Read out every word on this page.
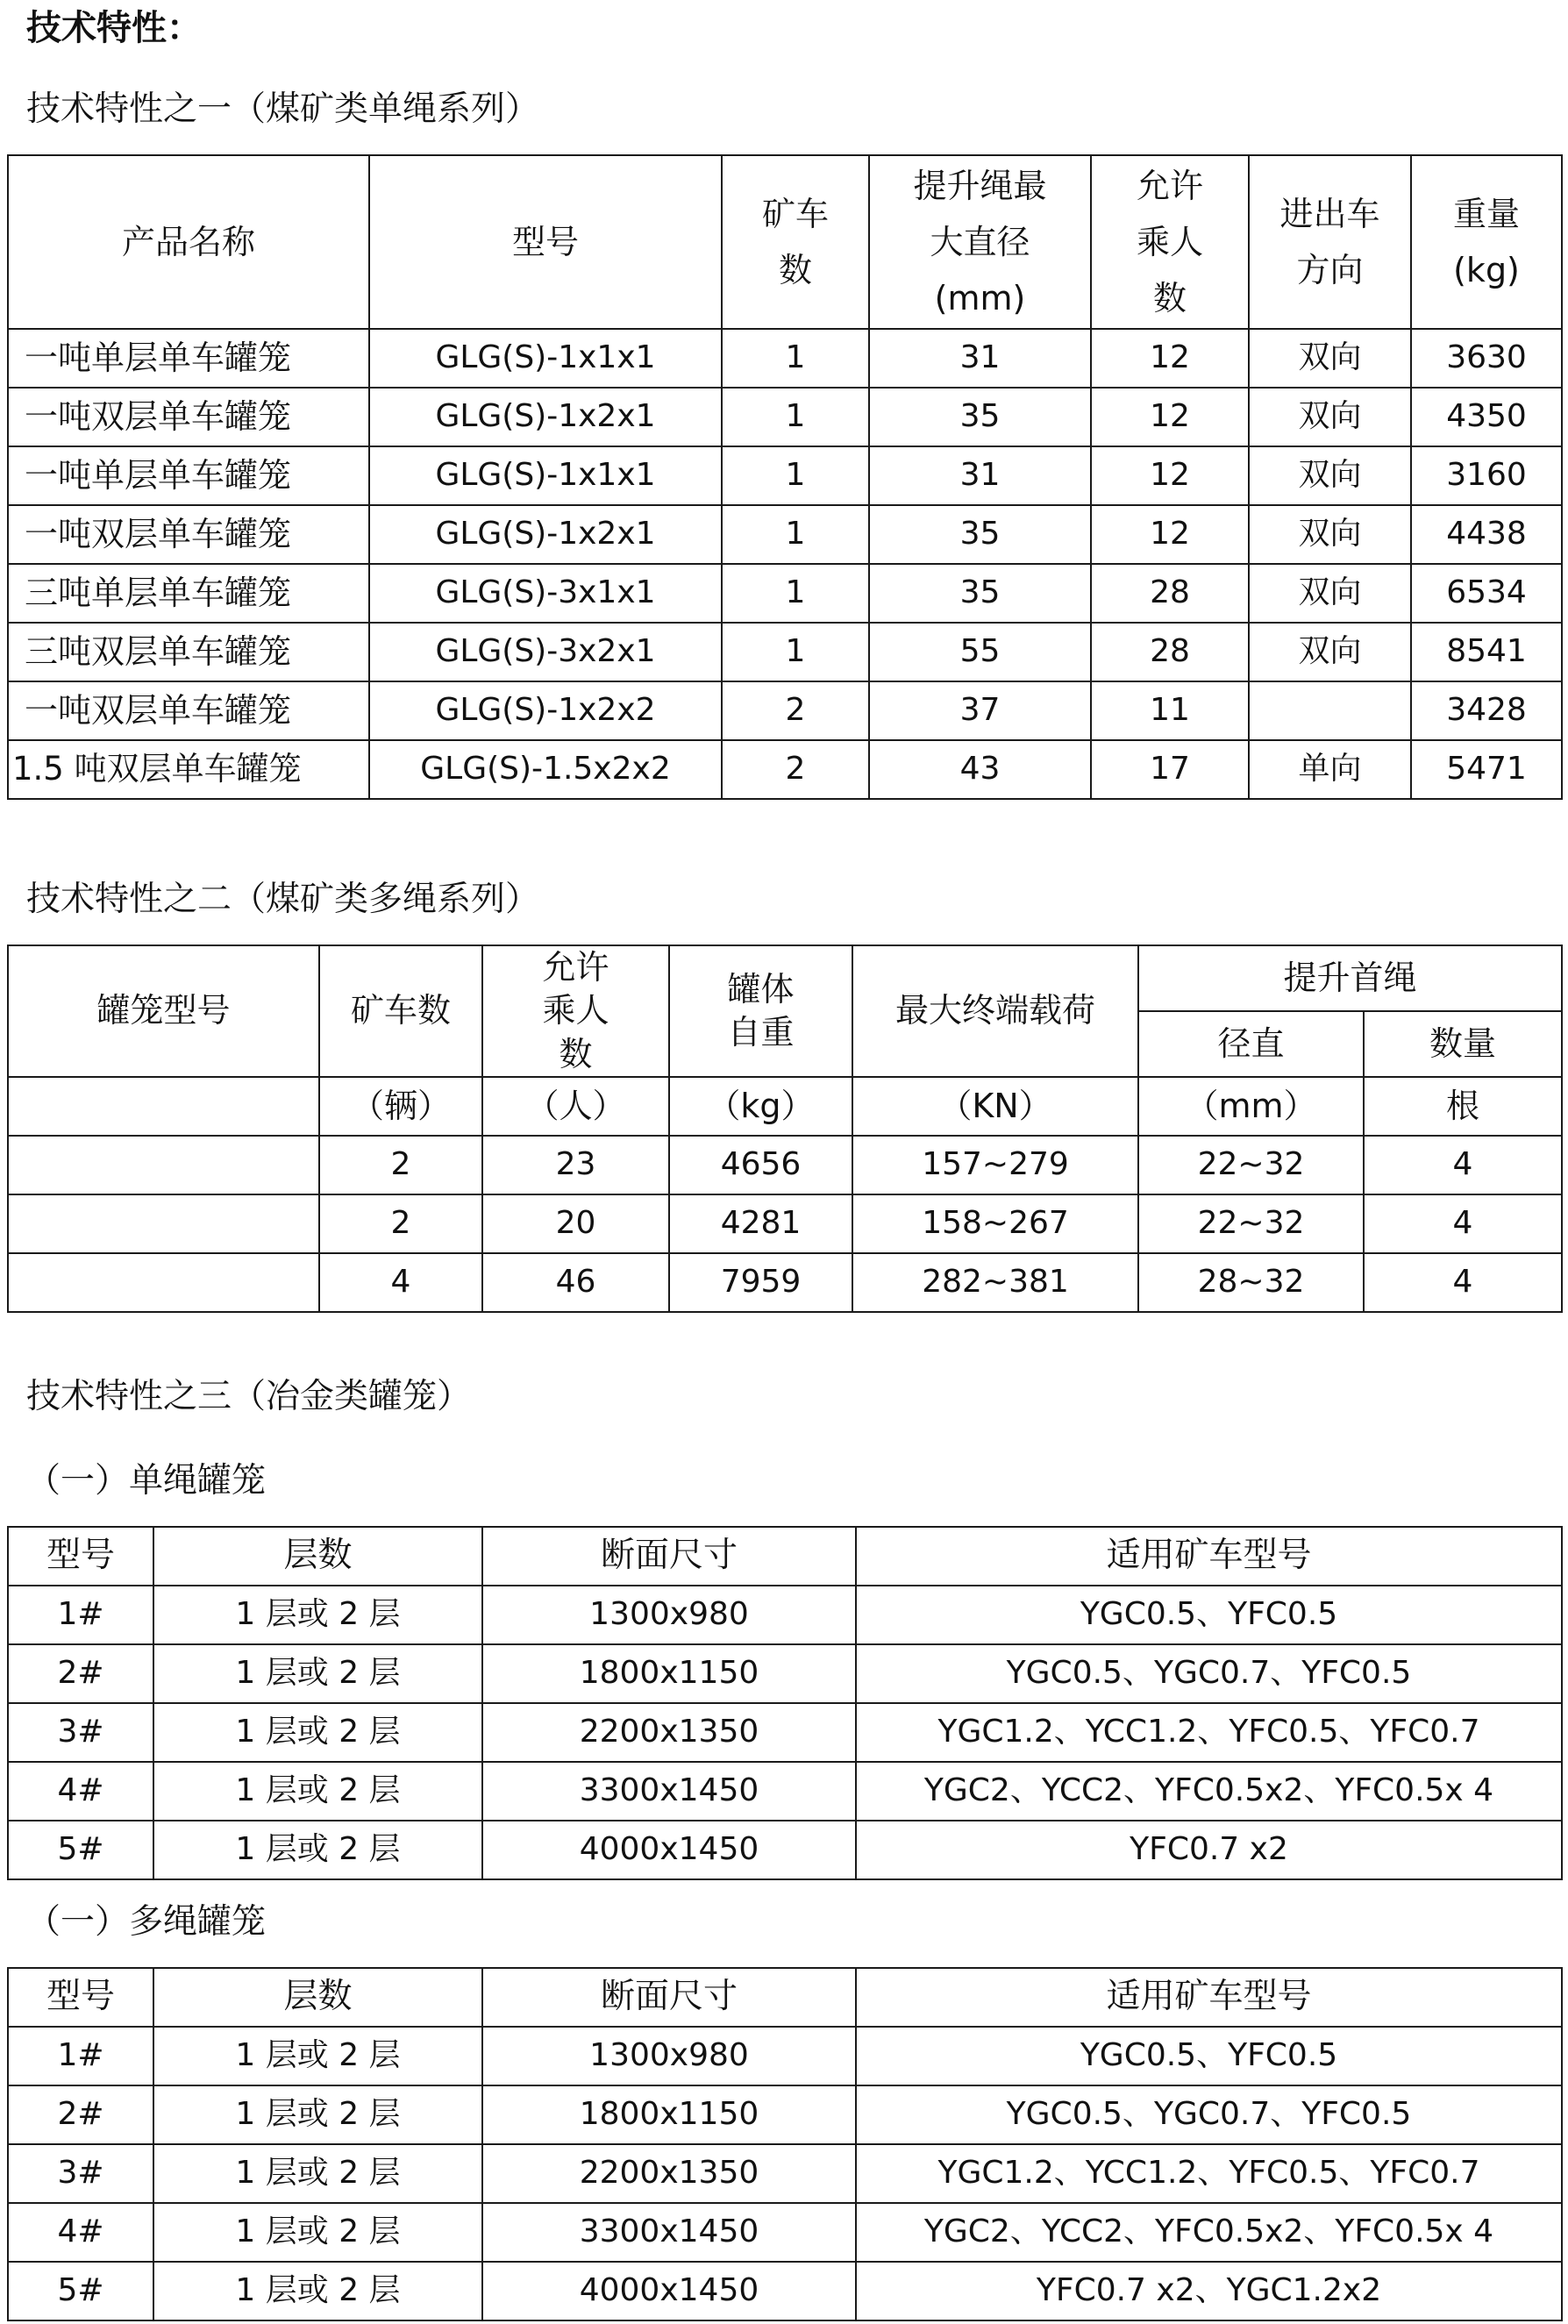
技术特性：
技术特性之一（煤矿类单绳系列）
产品名称	型号	矿车数	提升绳最大直径(mm)	允许乘人数	进出车方向	重量(kg)

一吨单层单车罐笼	GLG(S)-1x1x1	1	31	12	双向	3630
一吨双层单车罐笼	GLG(S)-1x2x1	1	35	12	双向	4350
一吨单层单车罐笼	GLG(S)-1x1x1	1	31	12	双向	3160
一吨双层单车罐笼	GLG(S)-1x2x1	1	35	12	双向	4438
三吨单层单车罐笼	GLG(S)-3x1x1	1	35	28	双向	6534
三吨双层单车罐笼	GLG(S)-3x2x1	1	55	28	双向	8541
一吨双层单车罐笼	GLG(S)-1x2x2	2	37	11		3428
1.5 吨双层单车罐笼	GLG(S)-1.5x2x2	2	43	17	单向	5471
技术特性之二（煤矿类多绳系列）
罐笼型号	矿车数	允许乘人数	罐体自重	最大终端载荷	提升首绳	
					径直	数量
	（辆）	（人）	（kg）	（KN）	（mm）	根
	2	23	4656	157~279	22~32	4
	2	20	4281	158~267	22~32	4
	4	46	7959	282~381	28~32	4
技术特性之三（冶金类罐笼）
（一）单绳罐笼
型号	层数	断面尺寸	适用矿车型号
1#	1 层或 2 层	1300x980	YGC0.5、YFC0.5
2#	1 层或 2 层	1800x1150	YGC0.5、YGC0.7、YFC0.5
3#	1 层或 2 层	2200x1350	YGC1.2、YCC1.2、YFC0.5、YFC0.7
4#	1 层或 2 层	3300x1450	YGC2、YCC2、YFC0.5x2、YFC0.5x 4
5#	1 层或 2 层	4000x1450	YFC0.7 x2
（一）多绳罐笼
型号	层数	断面尺寸	适用矿车型号
1#	1 层或 2 层	1300x980	YGC0.5、YFC0.5
2#	1 层或 2 层	1800x1150	YGC0.5、YGC0.7、YFC0.5
3#	1 层或 2 层	2200x1350	YGC1.2、YCC1.2、YFC0.5、YFC0.7
4#	1 层或 2 层	3300x1450	YGC2、YCC2、YFC0.5x2、YFC0.5x 4
5#	1 层或 2 层	4000x1450	YFC0.7 x2、YGC1.2x2
